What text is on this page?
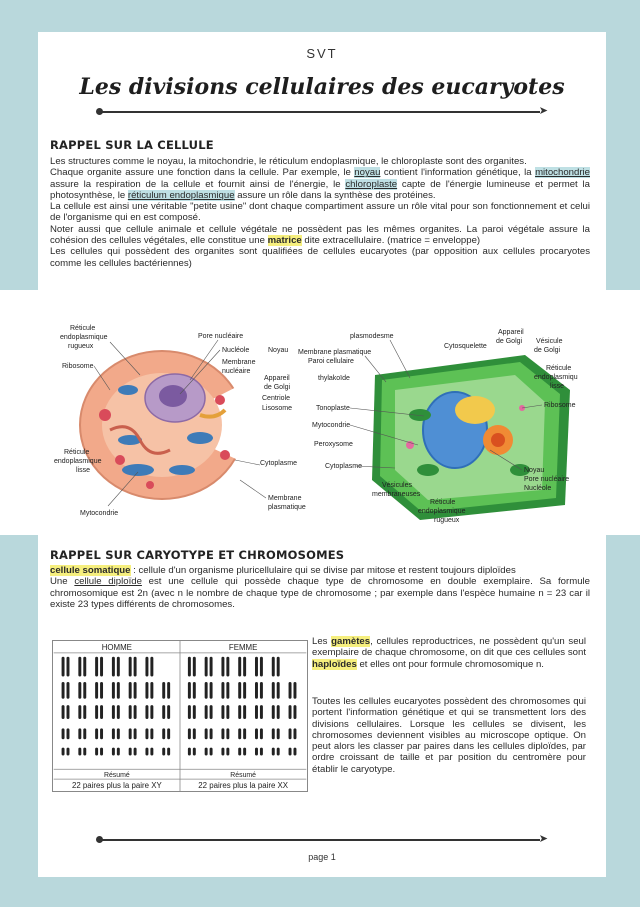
SVT
Les divisions cellulaires des eucaryotes
➤
RAPPEL SUR LA CELLULE

Les structures comme le noyau, la mitochondrie, le réticulum endoplasmique, le chloroplaste sont des organites.

Chaque organite assure une fonction dans la cellule. Par exemple, le noyau contient l'information génétique, la mitochondrie assure la respiration de la cellule et fournit ainsi de l'énergie, le chloroplaste capte de l'énergie lumineuse et permet la photosynthèse, le réticulum endoplasmique assure un rôle dans la synthèse des protéines.

La cellule est ainsi une véritable "petite usine" dont chaque compartiment assure un rôle vital pour son fonctionnement et celui de l'organisme qui en est composé.

Noter aussi que cellule animale et cellule végétale ne possèdent pas les mêmes organites. La paroi végétale assure la cohésion des cellules végétales, elle constitue une matrice dite extracellulaire. (matrice = enveloppe)

Les cellules qui possèdent des organites sont qualifiées de cellules eucaryotes (par opposition aux cellules procaryotes comme les cellules bactériennes)

Réticule
endoplasmique
rugueux
Ribosome
Pore nucléaire
Nucléole	Noyau
Membrane
nucléaire
Appareil
de Golgi
Centriole
Lisosome
Réticule
endoplasmique
lisse
Cytoplasme
Mytocondrie
Membrane
plasmatique
plasmodesme
Membrane plasmatique
Paroi cellulaire
thylakoïde
Tonoplaste
Mytocondrie
Peroxysome
Cytoplasme
Vésicules
membraneuses
Réticule
endoplasmique
rugueux
Cytosquelette
Appareil
de Golgi Vésicule
de Golgi
Réticule
endoplasmiqu
lisse
Ribosome
Noyau
Pore nucléaire
Nucléole
RAPPEL SUR CARYOTYPE ET CHROMOSOMES

cellule somatique : cellule d'un organisme pluricellulaire qui se divise par mitose et restent toujours diploïdes

Une cellule diploïde est une cellule qui possède chaque type de chromosome en double exemplaire. Sa formule chromosomique est 2n (avec n le nombre de chaque type de chromosome ; par exemple dans l'espèce humaine n = 23 car il existe 23 types différents de chromosomes.

HOMME	FEMME
Résumé	Résumé
22 paires plus la paire XY	22 paires plus la paire XX

Les gamètes, cellules reproductrices, ne possèdent qu'un seul exemplaire de chaque chromosome, on dit que ces cellules sont haploïdes et elles ont pour formule chromosomique n.

Toutes les cellules eucaryotes possèdent des chromosomes qui portent l'information génétique et qui se transmettent lors des divisions cellulaires. Lorsque les cellules se divisent, les chromosomes deviennent visibles au microscope optique. On peut alors les classer par paires dans les cellules diploïdes, par ordre croissant de taille et par position du centromère pour établir le caryotype.
➤
page 1
